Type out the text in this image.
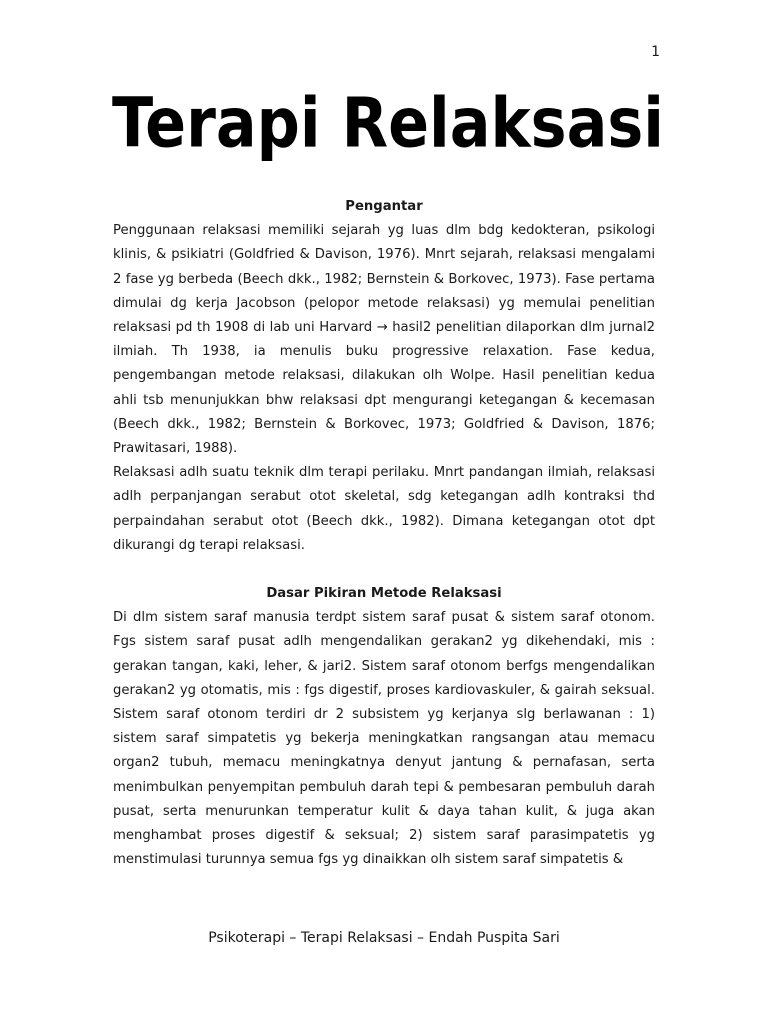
1
Terapi Relaksasi

Pengantar

Penggunaan relaksasi memiliki sejarah yg luas dlm bdg kedokteran, psikologi klinis, & psikiatri (Goldfried & Davison, 1976). Mnrt sejarah, relaksasi mengalami 2 fase yg berbeda (Beech dkk., 1982; Bernstein & Borkovec, 1973). Fase pertama dimulai dg kerja Jacobson (pelopor metode relaksasi) yg memulai penelitian relaksasi pd th 1908 di lab uni Harvard → hasil2 penelitian dilaporkan dlm jurnal2 ilmiah. Th 1938, ia menulis buku progressive relaxation. Fase kedua, pengembangan metode relaksasi, dilakukan olh Wolpe. Hasil penelitian kedua ahli tsb menunjukkan bhw relaksasi dpt mengurangi ketegangan & kecemasan (Beech dkk., 1982; Bernstein & Borkovec, 1973; Goldfried & Davison, 1876; Prawitasari, 1988).

Relaksasi adlh suatu teknik dlm terapi perilaku. Mnrt pandangan ilmiah, relaksasi adlh perpanjangan serabut otot skeletal, sdg ketegangan adlh kontraksi thd perpaindahan serabut otot (Beech dkk., 1982). Dimana ketegangan otot dpt dikurangi dg terapi relaksasi.

Dasar Pikiran Metode Relaksasi

Di dlm sistem saraf manusia terdpt sistem saraf pusat & sistem saraf otonom. Fgs sistem saraf pusat adlh mengendalikan gerakan2 yg dikehendaki, mis : gerakan tangan, kaki, leher, & jari2. Sistem saraf otonom berfgs mengendalikan gerakan2 yg otomatis, mis : fgs digestif, proses kardiovaskuler, & gairah seksual. Sistem saraf otonom terdiri dr 2 subsistem yg kerjanya slg berlawanan : 1) sistem saraf simpatetis yg bekerja meningkatkan rangsangan atau memacu organ2 tubuh, memacu meningkatnya denyut jantung & pernafasan, serta menimbulkan penyempitan pembuluh darah tepi & pembesaran pembuluh darah pusat, serta menurunkan temperatur kulit & daya tahan kulit, & juga akan menghambat proses digestif & seksual; 2) sistem saraf parasimpatetis yg menstimulasi turunnya semua fgs yg dinaikkan olh sistem saraf simpatetis &

Psikoterapi – Terapi Relaksasi – Endah Puspita Sari
